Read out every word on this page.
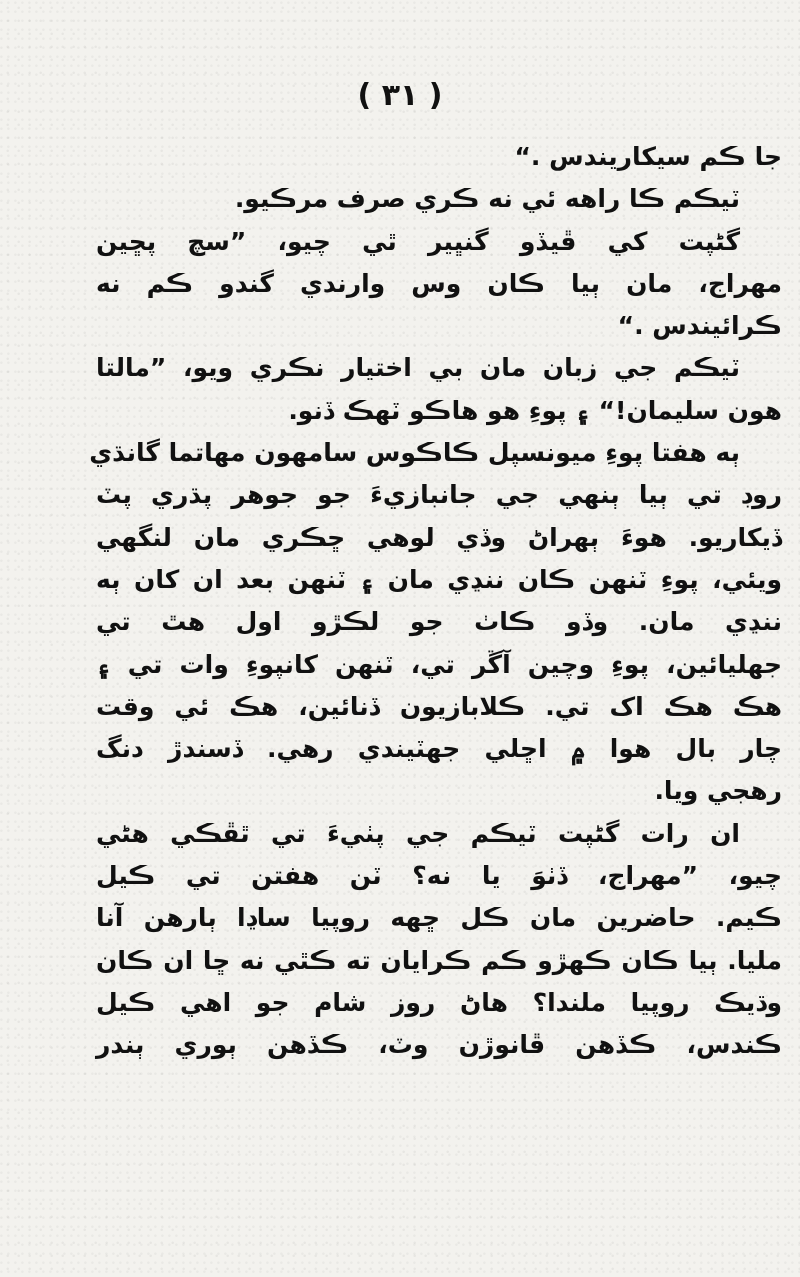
( ٣١ )
جا ڪم سيکاريندس .“
ٽيڪم ڪا راهه ئي نه ڪري صرف مرڪيو.
گڻپت کي ڦيڏو گنڀير ٿي چيو، ”سچ پڇين
مهراج، مان ٻيا ڪان وس وارندي گندو ڪم نه
ڪرائيندس .“
ٽيڪم جي زبان مان بي اختيار نڪري ويو، ”مالتا
هون سليمان!“ ۽ پوءِ هو هاڪو ٽهڪ ڏنو.
ٻه هفتا پوءِ ميونسپل ڪاڪوس سامهون مهاتما گانڌي
روڊ تي ٻيا ٻنهي جي جانبازيءَ جو جوهر پڌري پٽ
ڏيکاريو. هوءَ ٻهراڻ وڏي لوهي ڇڪري مان لنگهي
ويئي، پوءِ ٽنهن ڪان ننڍي مان ۽ ٽنهن بعد ان کان ٻه
ننڍي مان. وڏو ڪاٺ جو لڪڙو اول هٿ تي
جهليائين، پوءِ وچين آڱر تي، ٽنهن کانپوءِ وات تي ۽
هڪ هڪ اک تي. ڪلابازيون ڏنائين، هڪ ئي وقت
چار بال هوا ۾ اڇلي جهٽيندي رهي. ڏسندڙ دنگ
رهجي ويا.
ان رات گڻپت ٽيڪم جي پٺيءَ تي ٿڦڪي هڻي
چيو، ”مهراج، ڏٺوَ يا نه؟ ٽن هفتن تي ڪيل
ڪيم. حاضرين مان ڪل ڇهه روپيا ساڍا ٻارهن آنا
مليا. ٻيا ڪان ڪهڙو ڪم ڪرايان ته ڪٿي نه ڇا ان ڪان
وڌيڪ روپيا ملندا؟ هاڻ روز شام جو اهي ڪيل
ڪندس، ڪڏهن ڦانوڙن وٽ، ڪڏهن ٻوري ٻندر
